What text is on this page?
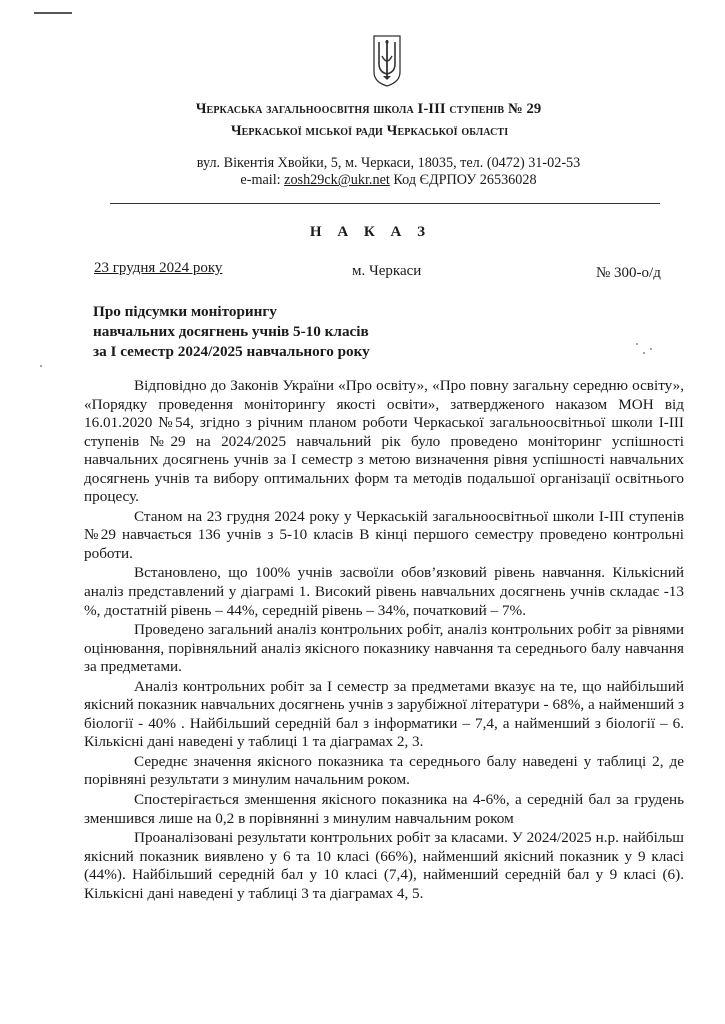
Черкаська загальноосвітня школа І-ІІІ ступенів № 29
Черкаської міської ради Черкаської області
вул. Вікентія Хвойки, 5, м. Черкаси, 18035, тел. (0472) 31-02-53
e-mail: zosh29ck@ukr.net Код ЄДРПОУ 26536028
Н А К А З
23 грудня 2024 року	м. Черкаси	№ 300-о/д
Про підсумки моніторингу
навчальних досягнень учнів 5-10 класів
за І семестр 2024/2025 навчального року

Відповідно до Законів України «Про освіту», «Про повну загальну середню освіту», «Порядку проведення моніторингу якості освіти», затвердженого наказом МОН від 16.01.2020 №54, згідно з річним планом роботи Черкаської загальноосвітньої школи І-ІІІ ступенів №29 на 2024/2025 навчальний рік було проведено моніторинг успішності навчальних досягнень учнів за І семестр з метою визначення рівня успішності навчальних досягнень учнів та вибору оптимальних форм та методів подальшої організації освітнього процесу.

Станом на 23 грудня 2024 року у Черкаській загальноосвітньої школи І-ІІІ ступенів №29 навчається 136 учнів з 5-10 класів В кінці першого семестру проведено контрольні роботи.

Встановлено, що 100% учнів засвоїли обов’язковий рівень навчання. Кількісний аналіз представлений у діаграмі 1. Високий рівень навчальних досягнень учнів складає -13 %, достатній рівень – 44%, середній рівень – 34%, початковий – 7%.

Проведено загальний аналіз контрольних робіт, аналіз контрольних робіт за рівнями оцінювання, порівняльний аналіз якісного показнику навчання та середнього балу навчання за предметами.

Аналіз контрольних робіт за І семестр за предметами вказує на те, що найбільший якісний показник навчальних досягнень учнів з зарубіжної літератури - 68%, а найменший з біології - 40% . Найбільший середній бал з інформатики – 7,4, а найменший з біології – 6. Кількісні дані наведені у таблиці 1 та діаграмах 2, 3.

Середнє значення якісного показника та середнього балу наведені у таблиці 2, де порівняні результати з минулим начальним роком.

Спостерігається зменшення якісного показника на 4-6%, а середній бал за грудень зменшився лише на 0,2 в порівнянні з минулим навчальним роком

Проаналізовані результати контрольних робіт за класами. У 2024/2025 н.р. найбільш якісний показник виявлено у 6 та 10 класі (66%), найменший якісний показник у 9 класі (44%). Найбільший середній бал у 10 класі (7,4), найменший середній бал у 9 класі (6). Кількісні дані наведені у таблиці 3 та діаграмах 4, 5.
